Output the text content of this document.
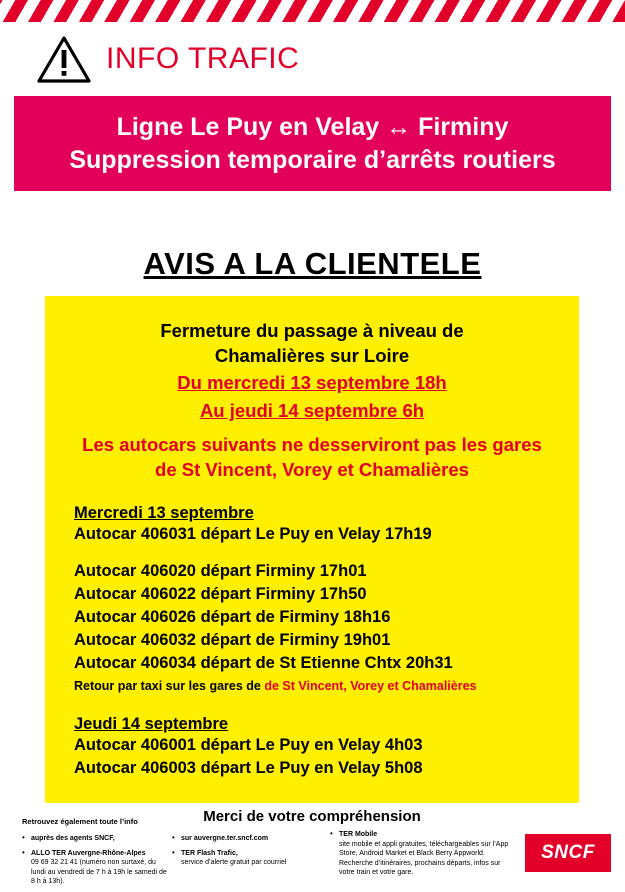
INFO TRAFIC
Ligne Le Puy en Velay ↔ Firminy
Suppression temporaire d’arrêts routiers
AVIS A LA CLIENTELE
Fermeture du passage à niveau de
Chamalières sur Loire
Du mercredi 13 septembre 18h
Au jeudi 14 septembre 6h
Les autocars suivants ne desserviront pas les gares
de St Vincent, Vorey et Chamalières
Mercredi 13 septembre
Autocar 406031 départ Le Puy en Velay 17h19
Autocar 406020 départ Firminy 17h01
Autocar 406022 départ Firminy 17h50
Autocar 406026 départ de Firminy 18h16
Autocar 406032 départ de Firminy 19h01
Autocar 406034 départ de St Etienne Chtx 20h31
Retour par taxi sur les gares de de St Vincent, Vorey et Chamalières
Jeudi 14 septembre
Autocar 406001 départ Le Puy en Velay 4h03
Autocar 406003 départ Le Puy en Velay 5h08
Merci de votre compréhension
Retrouvez également toute l’info
• auprès des agents SNCF,
• ALLO TER Auvergne-Rhône-Alpes
09 69 32 21 41 (numéro non surtaxé, du lundi au vendredi de 7 h à 19h le samedi de 8 h à 13h).
• sur auvergne.ter.sncf.com
• TER Flash Trafic,
service d’alerte gratuit par courriel
• TER Mobile
site mobile et appli gratuites, téléchargeables sur l’App Store, Android Market et Black Berry Appworld. Recherche d’itinéraires, prochains départs, infos sur votre train et votre gare.
SNCF
